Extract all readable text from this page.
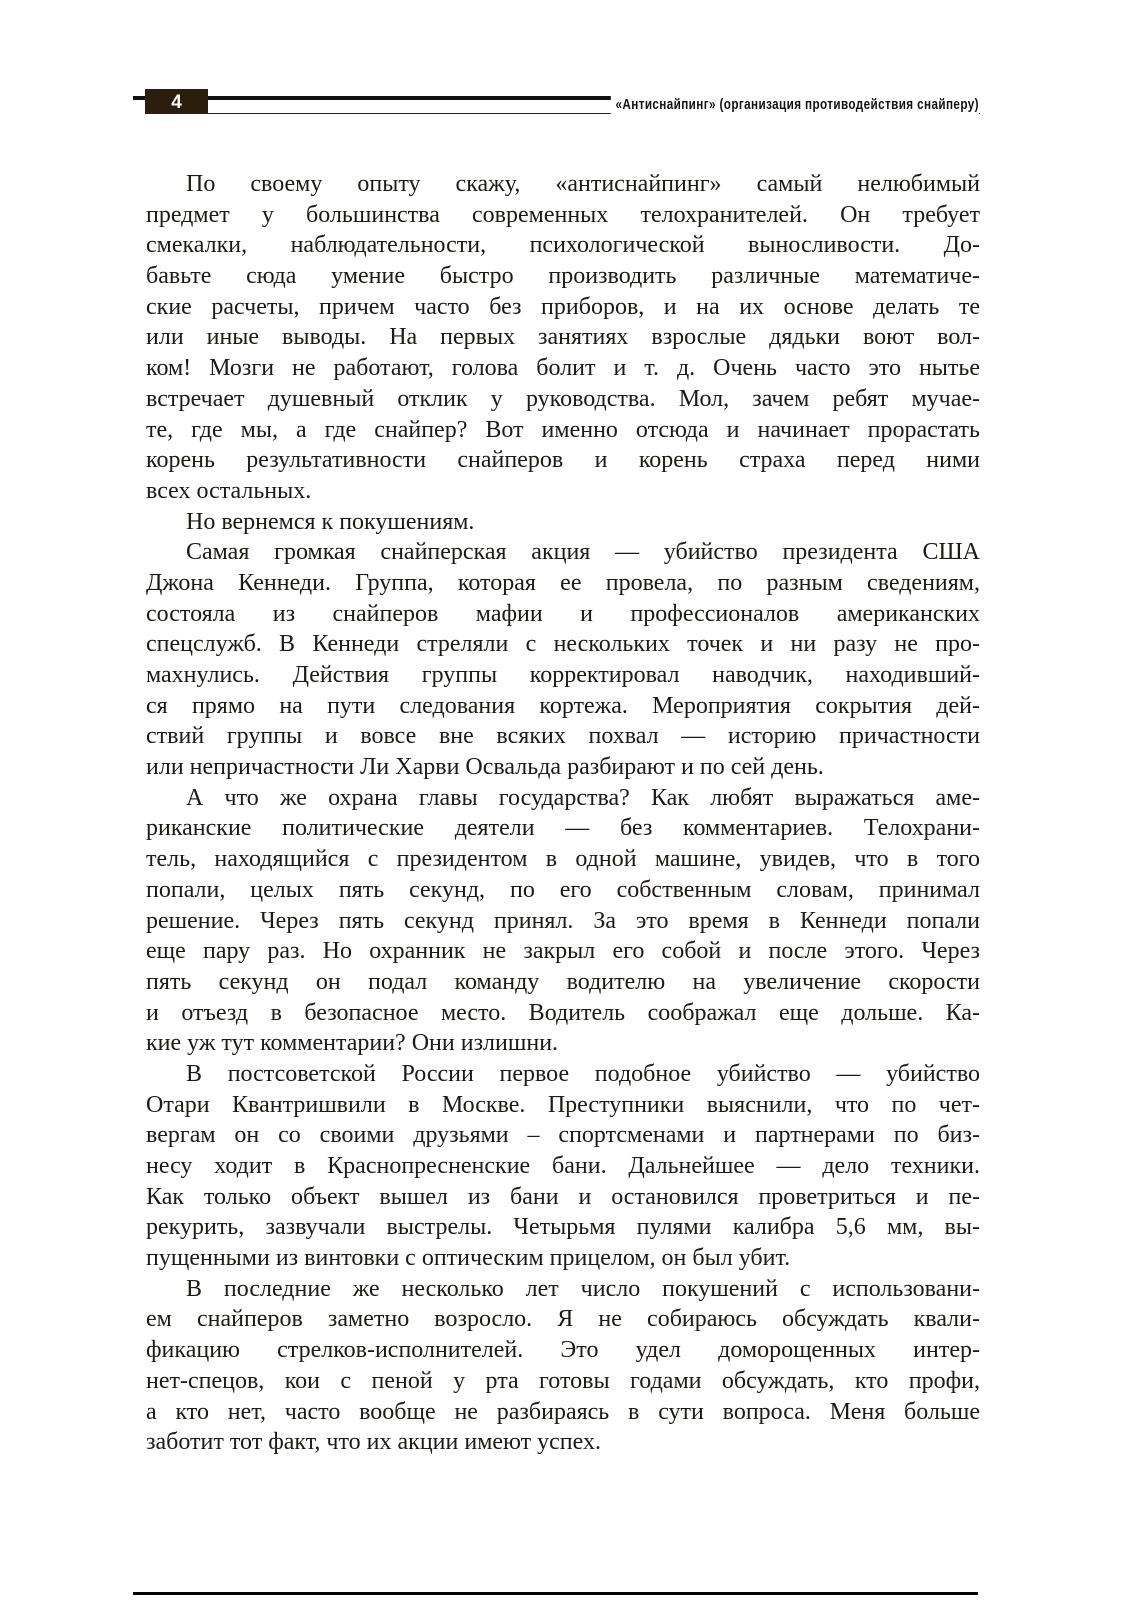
4	«Антиснайпинг» (организация противодействия снайперу)
По своему опыту скажу, «антиснайпинг» самый нелюбимый
предмет у большинства современных телохранителей. Он требует
смекалки, наблюдательности, психологической выносливости. До-
бавьте сюда умение быстро производить различные математиче-
ские расчеты, причем часто без приборов, и на их основе делать те
или иные выводы. На первых занятиях взрослые дядьки воют вол-
ком! Мозги не работают, голова болит и т. д. Очень часто это нытье
встречает душевный отклик у руководства. Мол, зачем ребят мучае-
те, где мы, а где снайпер? Вот именно отсюда и начинает прорастать
корень результативности снайперов и корень страха перед ними
всех остальных.
Но вернемся к покушениям.
Самая громкая снайперская акция — убийство президента США
Джона Кеннеди. Группа, которая ее провела, по разным сведениям,
состояла из снайперов мафии и профессионалов американских
спецслужб. В Кеннеди стреляли с нескольких точек и ни разу не про-
махнулись. Действия группы корректировал наводчик, находивший-
ся прямо на пути следования кортежа. Мероприятия сокрытия дей-
ствий группы и вовсе вне всяких похвал — историю причастности
или непричастности Ли Харви Освальда разбирают и по сей день.
А что же охрана главы государства? Как любят выражаться аме-
риканские политические деятели — без комментариев. Телохрани-
тель, находящийся с президентом в одной машине, увидев, что в того
попали, целых пять секунд, по его собственным словам, принимал
решение. Через пять секунд принял. За это время в Кеннеди попали
еще пару раз. Но охранник не закрыл его собой и после этого. Через
пять секунд он подал команду водителю на увеличение скорости
и отъезд в безопасное место. Водитель соображал еще дольше. Ка-
кие уж тут комментарии? Они излишни.
В постсоветской России первое подобное убийство — убийство
Отари Квантришвили в Москве. Преступники выяснили, что по чет-
вергам он со своими друзьями – спортсменами и партнерами по биз-
несу ходит в Краснопресненские бани. Дальнейшее — дело техники.
Как только объект вышел из бани и остановился проветриться и пе-
рекурить, зазвучали выстрелы. Четырьмя пулями калибра 5,6 мм, вы-
пущенными из винтовки с оптическим прицелом, он был убит.
В последние же несколько лет число покушений с использовани-
ем снайперов заметно возросло. Я не собираюсь обсуждать квали-
фикацию стрелков-исполнителей. Это удел доморощенных интер-
нет-спецов, кои с пеной у рта готовы годами обсуждать, кто профи,
а кто нет, часто вообще не разбираясь в сути вопроса. Меня больше
заботит тот факт, что их акции имеют успех.
